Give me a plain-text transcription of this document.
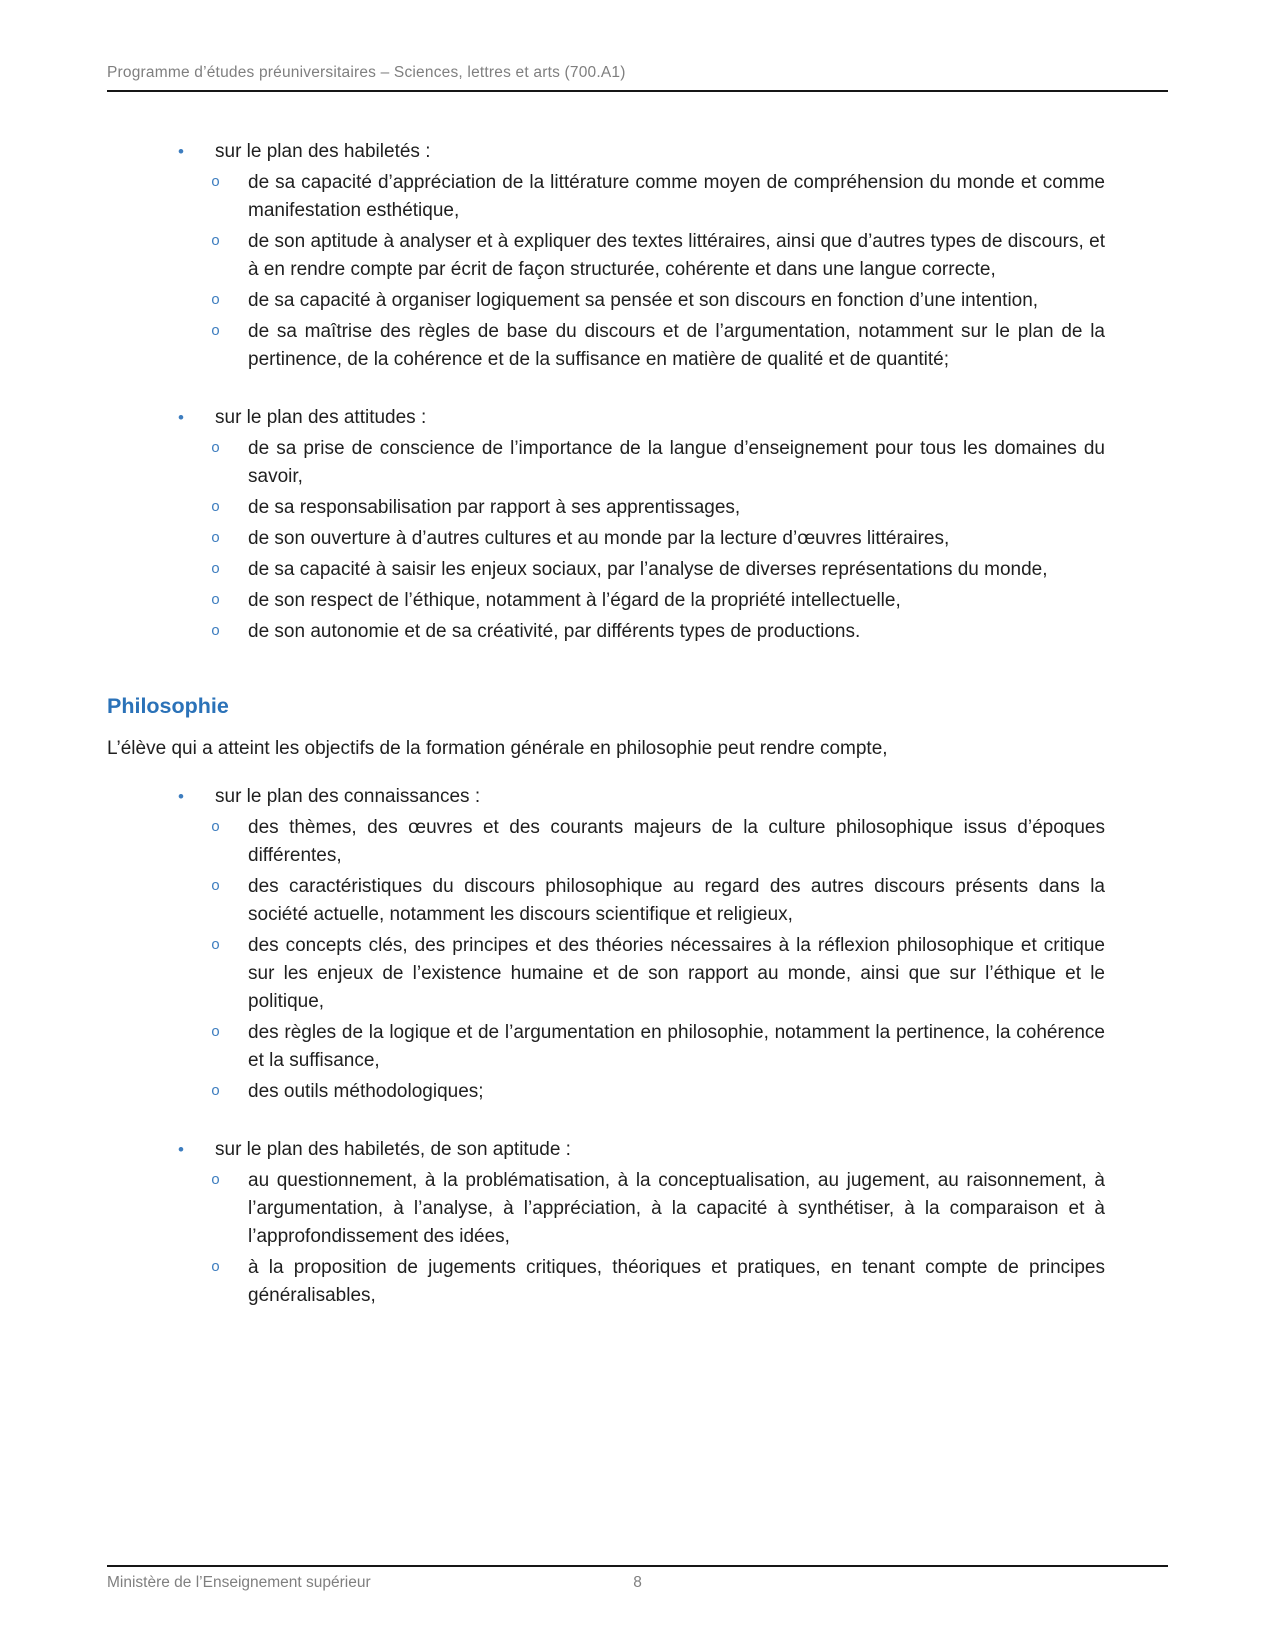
Programme d’études préuniversitaires – Sciences, lettres et arts (700.A1)
•	sur le plan des habiletés :
o	de sa capacité d’appréciation de la littérature comme moyen de compréhension du monde et comme manifestation esthétique,

o	de son aptitude à analyser et à expliquer des textes littéraires, ainsi que d’autres types de discours, et à en rendre compte par écrit de façon structurée, cohérente et dans une langue correcte,

o	de sa capacité à organiser logiquement sa pensée et son discours en fonction d’une intention,

o	de sa maîtrise des règles de base du discours et de l’argumentation, notamment sur le plan de la pertinence, de la cohérence et de la suffisance en matière de qualité et de quantité;

•	sur le plan des attitudes :
o	de sa prise de conscience de l’importance de la langue d’enseignement pour tous les domaines du savoir,

o	de sa responsabilisation par rapport à ses apprentissages,

o	de son ouverture à d’autres cultures et au monde par la lecture d’œuvres littéraires,

o	de sa capacité à saisir les enjeux sociaux, par l’analyse de diverses représentations du monde,

o	de son respect de l’éthique, notamment à l’égard de la propriété intellectuelle,

o	de son autonomie et de sa créativité, par différents types de productions.

Philosophie

L’élève qui a atteint les objectifs de la formation générale en philosophie peut rendre compte,

•	sur le plan des connaissances :
o	des thèmes, des œuvres et des courants majeurs de la culture philosophique issus d’époques différentes,

o	des caractéristiques du discours philosophique au regard des autres discours présents dans la société actuelle, notamment les discours scientifique et religieux,

o	des concepts clés, des principes et des théories nécessaires à la réflexion philosophique et critique sur les enjeux de l’existence humaine et de son rapport au monde, ainsi que sur l’éthique et le politique,

o	des règles de la logique et de l’argumentation en philosophie, notamment la pertinence, la cohérence et la suffisance,

o	des outils méthodologiques;

•	sur le plan des habiletés, de son aptitude :
o	au questionnement, à la problématisation, à la conceptualisation, au jugement, au raisonnement, à l’argumentation, à l’analyse, à l’appréciation, à la capacité à synthétiser, à la comparaison et à l’approfondissement des idées,

o	à la proposition de jugements critiques, théoriques et pratiques, en tenant compte de principes généralisables,

Ministère de l’Enseignement supérieur	8
